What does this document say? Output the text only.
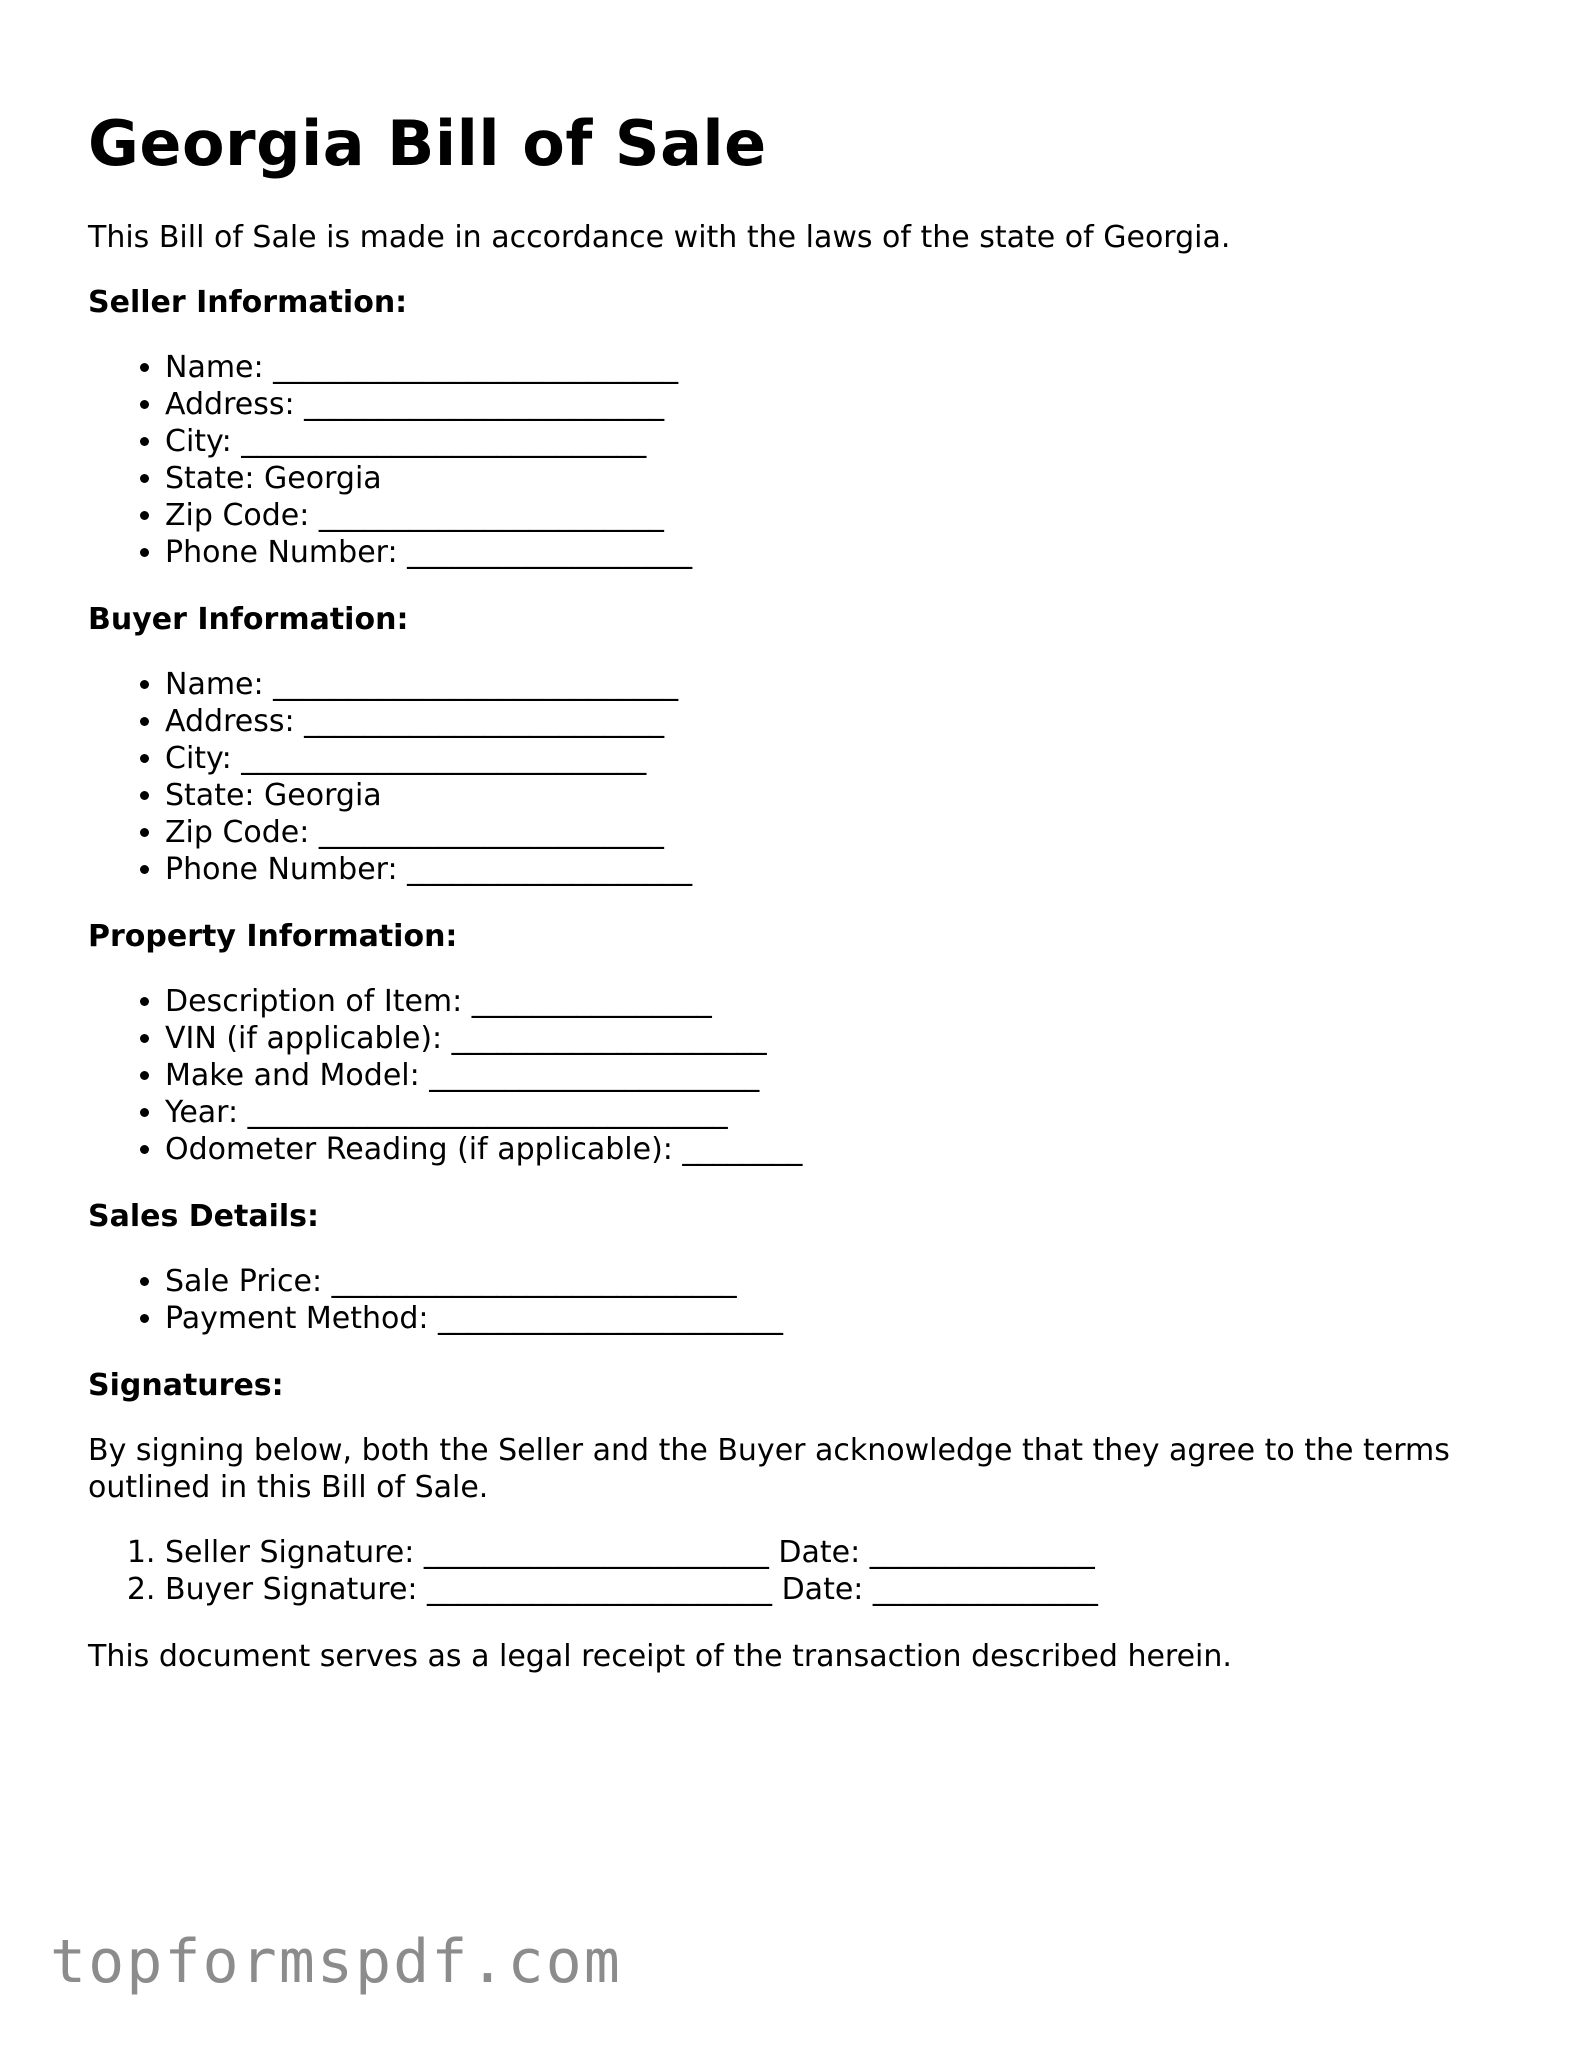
Georgia Bill of Sale

This Bill of Sale is made in accordance with the laws of the state of Georgia.

Seller Information:
• Name: ___________________________
• Address: ________________________
• City: ___________________________
• State: Georgia
• Zip Code: _______________________
• Phone Number: ___________________
Buyer Information:
• Name: ___________________________
• Address: ________________________
• City: ___________________________
• State: Georgia
• Zip Code: _______________________
• Phone Number: ___________________
Property Information:
• Description of Item: ________________
• VIN (if applicable): _____________________
• Make and Model: ______________________
• Year: ________________________________
• Odometer Reading (if applicable): ________
Sales Details:
• Sale Price: ___________________________
• Payment Method: _______________________
Signatures:

By signing below, both the Seller and the Buyer acknowledge that they agree to the terms outlined in this Bill of Sale.

1. Seller Signature: _______________________ Date: _______________
2. Buyer Signature: _______________________ Date: _______________

This document serves as a legal receipt of the transaction described herein.

topformspdf.com
